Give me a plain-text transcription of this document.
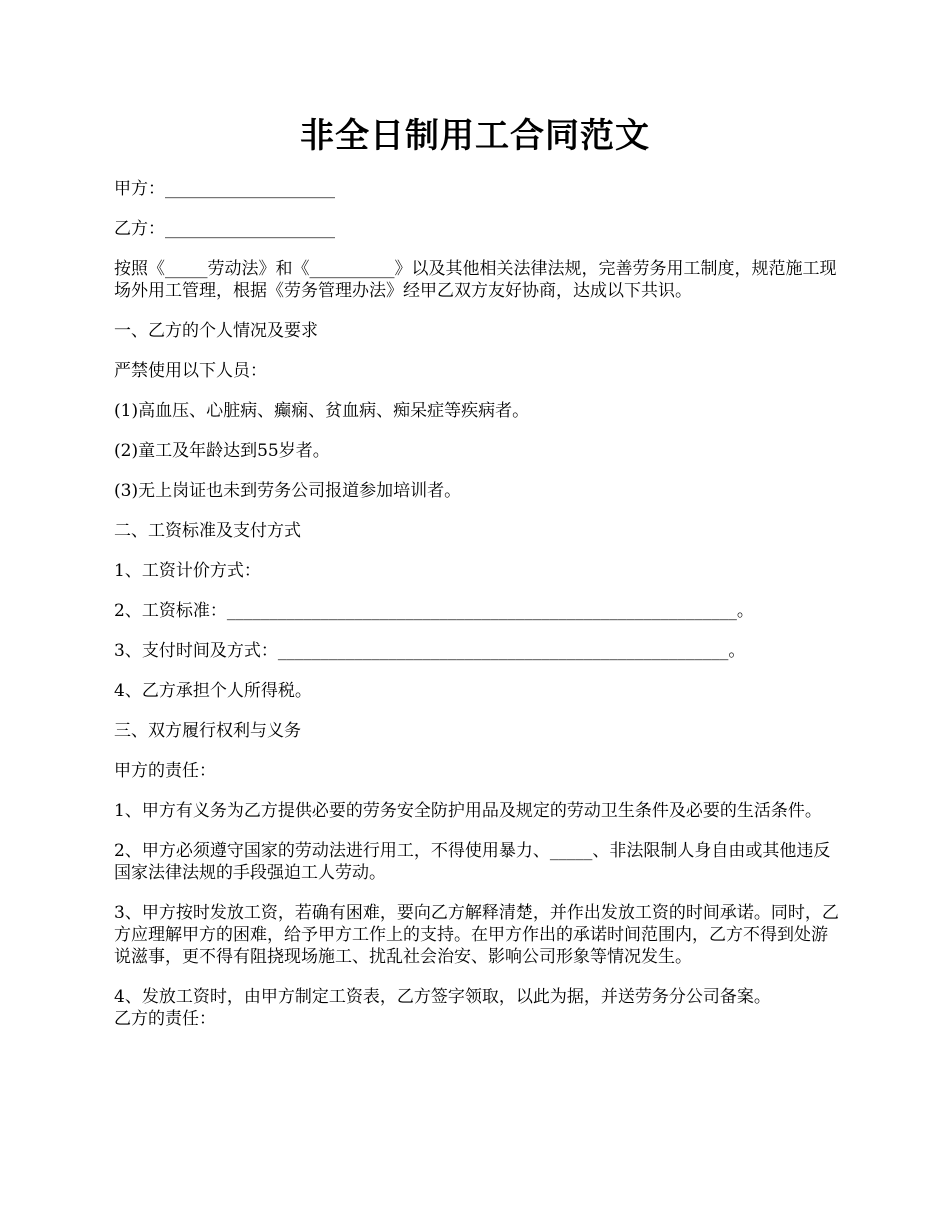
非全日制用工合同范文

甲方：____________________

乙方：____________________

按照《_____劳动法》和《__________》以及其他相关法律法规，完善劳务用工制度，规范施工现场外用工管理，根据《劳务管理办法》经甲乙双方友好协商，达成以下共识。

一、乙方的个人情况及要求

严禁使用以下人员：

(1)高血压、心脏病、癫痫、贫血病、痴呆症等疾病者。

(2)童工及年龄达到55岁者。

(3)无上岗证也未到劳务公司报道参加培训者。

二、工资标准及支付方式

1、工资计价方式：

2、工资标准：____________________________________________________________。

3、支付时间及方式：_____________________________________________________。

4、乙方承担个人所得税。

三、双方履行权利与义务

甲方的责任：

1、甲方有义务为乙方提供必要的劳务安全防护用品及规定的劳动卫生条件及必要的生活条件。

2、甲方必须遵守国家的劳动法进行用工，不得使用暴力、_____、非法限制人身自由或其他违反国家法律法规的手段强迫工人劳动。

3、甲方按时发放工资，若确有困难，要向乙方解释清楚，并作出发放工资的时间承诺。同时，乙方应理解甲方的困难，给予甲方工作上的支持。在甲方作出的承诺时间范围内，乙方不得到处游说滋事，更不得有阻挠现场施工、扰乱社会治安、影响公司形象等情况发生。

4、发放工资时，由甲方制定工资表，乙方签字领取，以此为据，并送劳务分公司备案。

乙方的责任：
